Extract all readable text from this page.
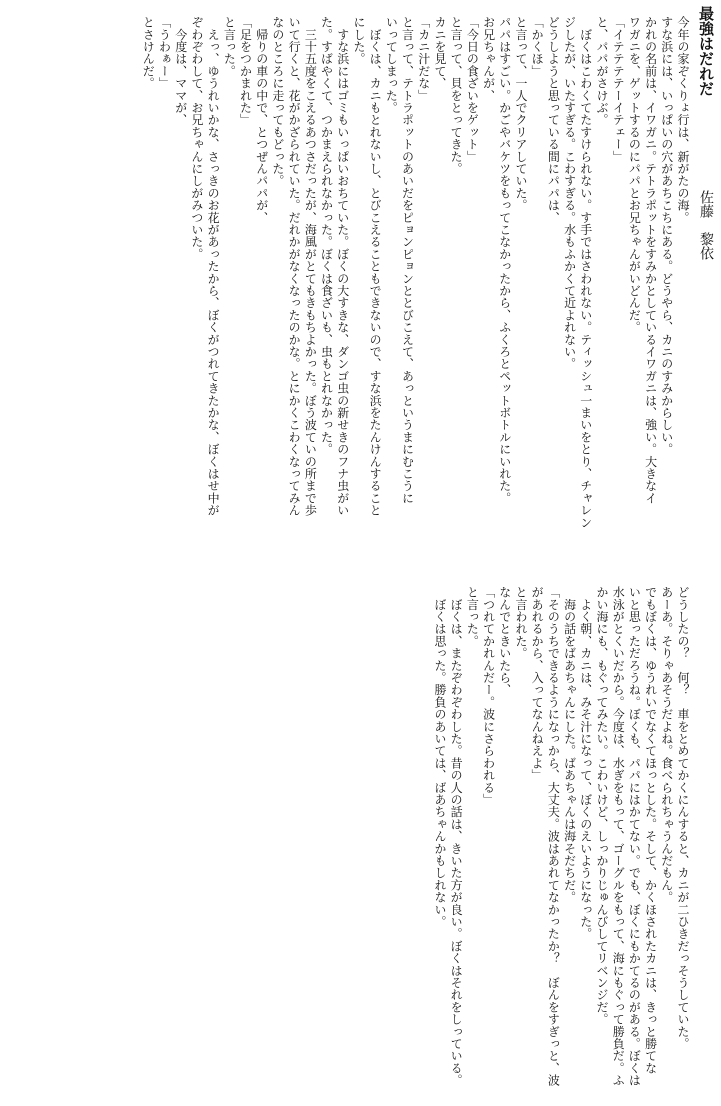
最強はだれだ
佐藤　黎依
今年の家ぞくりょ行は、新がたの海。
すな浜には、いっぱいの穴があちこちにある。どうやら、カニのすみからしい。
かれの名前は、イワガニ。テトラポットをすみかとしているイワガニは、強い。大きなイ
ワガニを、ゲットするのにパパとお兄ちゃんがいどんだ。
「イテテテテーイテェー」
と、パパがさけぶ。
　ぼくはこわくてたすけられない。す手ではさわれない。ティッシュ一まいをとり、チャレン
ジしたが、いたすぎる。こわすぎる。水もふかくて近よれない。
どうしようと思っている間にパパは、
「かくほ」
と言って、一人でクリアしていた。
パパはすごい。かごやバケツをもってこなかったから、ふくろとペットボトルにいれた。
お兄ちゃんが、
「今日の食ざいをゲット」
と言って、貝をとってきた。
カニを見て、
「カニ汁だな」
と言って、テトラポットのあいだをピョンピョンととびこえて、あっというまにむこうに
いってしまった。
　ぼくは、カニもとれないし、とびこえることもできないので、すな浜をたんけんすること
にした。
　すな浜にはゴミもいっぱいおちていた。ぼくの大すきな、ダンゴ虫の新せきのフナ虫がい
た。すばやくて、つかまえられなかった。ぼくは食ざいも、虫もとれなかった。
　三十五度をこえるあつさだったが、海風がとてもきもちよかった。ぼう波ていの所まで歩
いて行くと、花がかざられていた。だれかがなくなったのかな。とにかくこわくなってみん
なのところに走ってもどった。
　帰りの車の中で、とつぜんパパが、
「足をつかまれた」
と言った。
　えっ、ゆうれいかな、さっきのお花があったから、ぼくがつれてきたかな、ぼくはせ中が
ぞわぞわして、お兄ちゃんにしがみついた。
　今度は、ママが、
「うわぁー」
とさけんだ。
どうしたの？　何？　車をとめてかくにんすると、カニが二ひきだっそうしていた。
あーあ。そりゃあそうだよね。食べられちゃうんだもん。
でもぼくは、ゆうれいでなくてほっとした。そして、かくほされたカニは、きっと勝てな
いと思っただろうね。ぼくも、パパにはかてない。でも、ぼくにもかてるのがある。ぼくは
水泳がとくいだから。今度は、水ぎをもって、ゴーグルをもって、海にもぐって勝負だ。ふ
かい海にも、もぐってみたい。こわいけど、しっかりじゅんびしてリベンジだ。
　よく朝、カニは、みそ汁になって、ぼくのえいようになった。
　海の話をばあちゃんにした。ばあちゃんは海そだちだ。
「そのうちできるようになっから、大丈夫。波はあれてなかったか？　ぼんをすぎっと、波
があれるから、入ってなんねえよ」
と言われた。
なんでときいたら、
「つれてかれんだー。波にさらわれる」
と言った。
　ぼくは、またぞわぞわした。昔の人の話は、きいた方が良い。ぼくはそれをしっている。
　ぼくは思った。勝負のあいては、ばあちゃんかもしれない。
